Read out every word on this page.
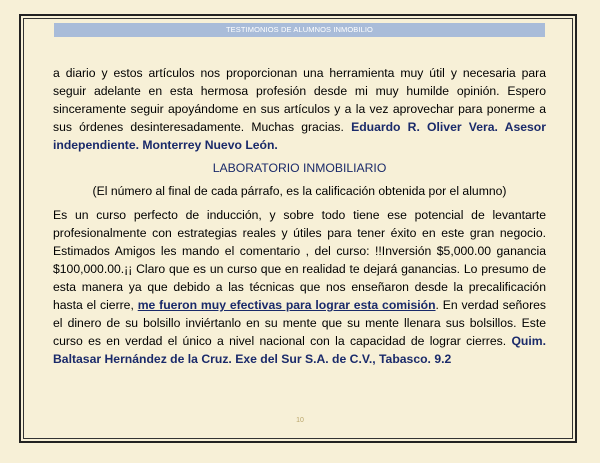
TESTIMONIOS DE ALUMNOS INMOBILIO

a diario y estos artículos nos proporcionan una herramienta muy útil y necesaria para seguir adelante en esta hermosa profesión desde mi muy humilde opinión. Espero sinceramente seguir apoyándome en sus artículos y a la vez aprovechar para ponerme a sus órdenes desinteresadamente. Muchas gracias. Eduardo R. Oliver Vera. Asesor independiente. Monterrey Nuevo León.

LABORATORIO INMOBILIARIO

(El número al final de cada párrafo, es la calificación obtenida por el alumno)

Es un curso perfecto de inducción, y sobre todo tiene ese potencial de levantarte profesionalmente con estrategias reales y útiles para tener éxito en este gran negocio. Estimados Amigos les mando el comentario , del curso: !!Inversión $5,000.00 ganancia $100,000.00.¡¡ Claro que es un curso que en realidad te dejará ganancias. Lo presumo de esta manera ya que debido a las técnicas que nos enseñaron desde la precalificación hasta el cierre, me fueron muy efectivas para lograr esta comisión. En verdad señores el dinero de su bolsillo inviértanlo en su mente que su mente llenara sus bolsillos. Este curso es en verdad el único a nivel nacional con la capacidad de lograr cierres. Quim. Baltasar Hernández de la Cruz. Exe del Sur S.A. de C.V., Tabasco. 9.2

10
